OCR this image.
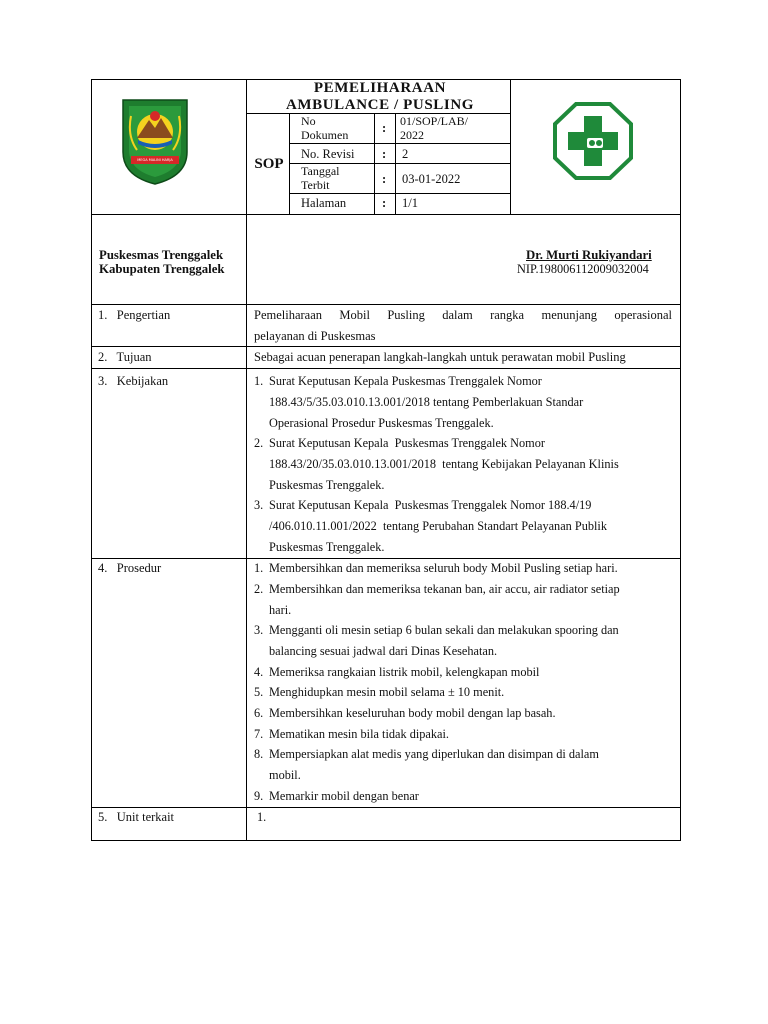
MEGA MALINI HARJA
PEMELIHARAAN
AMBULANCE / PUSLING
SOP
No
Dokumen	: 01/SOP/LAB/
2022
No. Revisi : 2
Tanggal
Terbit	: 03-01-2022
Halaman	: 1/1
Puskesmas Trenggalek
Kabupaten Trenggalek
Dr. Murti Rukiyandari
NIP.198006112009032004
1.   Pengertian	Pemeliharaan Mobil Pusling dalam rangka menunjang operasional
pelayanan di Puskesmas
2.   Tujuan	Sebagai acuan penerapan langkah-langkah untuk perawatan mobil Pusling
3.   Kebijakan	1. Surat Keputusan Kepala Puskesmas Trenggalek Nomor
188.43/5/35.03.010.13.001/2018 tentang Pemberlakuan Standar
Operasional Prosedur Puskesmas Trenggalek.
2. Surat Keputusan Kepala  Puskesmas Trenggalek Nomor
188.43/20/35.03.010.13.001/2018  tentang Kebijakan Pelayanan Klinis
Puskesmas Trenggalek.
3. Surat Keputusan Kepala  Puskesmas Trenggalek Nomor 188.4/19
/406.010.11.001/2022  tentang Perubahan Standart Pelayanan Publik
Puskesmas Trenggalek.
4.   Prosedur	1. Membersihkan dan memeriksa seluruh body Mobil Pusling setiap hari.
2. Membersihkan dan memeriksa tekanan ban, air accu, air radiator setiap
hari.
3. Mengganti oli mesin setiap 6 bulan sekali dan melakukan spooring dan
balancing sesuai jadwal dari Dinas Kesehatan.
4. Memeriksa rangkaian listrik mobil, kelengkapan mobil
5. Menghidupkan mesin mobil selama ± 10 menit.
6. Membersihkan keseluruhan body mobil dengan lap basah.
7. Mematikan mesin bila tidak dipakai.
8. Mempersiapkan alat medis yang diperlukan dan disimpan di dalam
mobil.
9. Memarkir mobil dengan benar
5.   Unit terkait	1.
